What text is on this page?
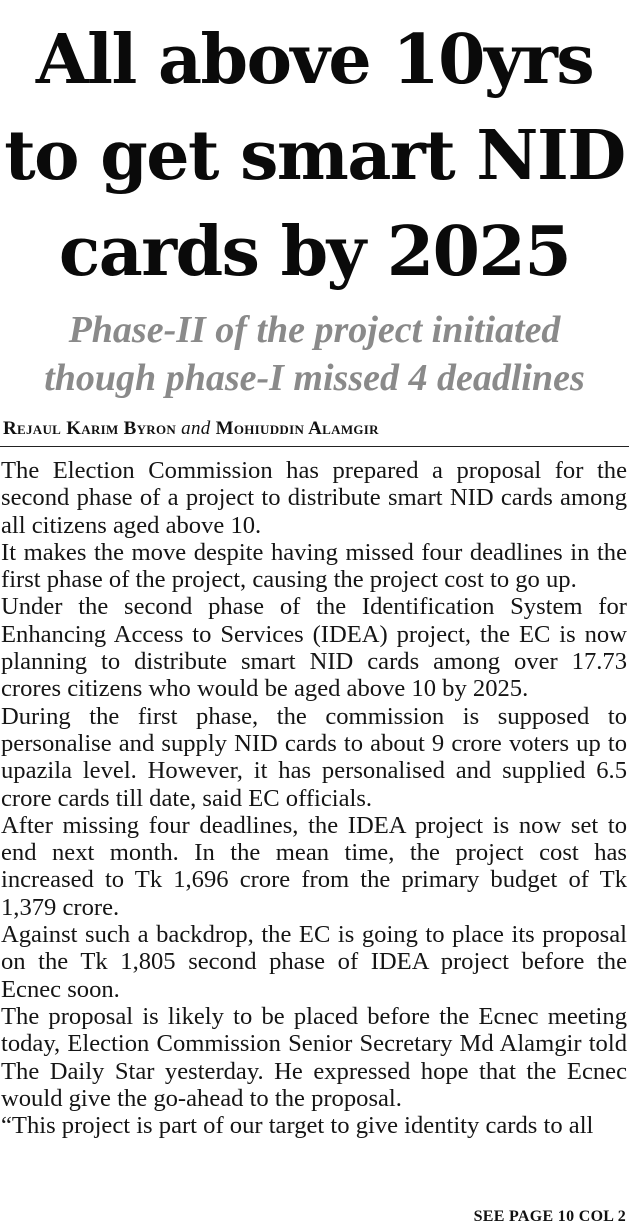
All above 10yrs
to get smart NID
cards by 2025
Phase-II of the project initiated
though phase-I missed 4 deadlines
Rejaul Karim Byron and Mohiuddin Alamgir

The Election Commission has prepared a proposal for the second phase of a project to distribute smart NID cards among all citizens aged above 10.

It makes the move despite having missed four deadlines in the first phase of the project, causing the project cost to go up.

Under the second phase of the Identification System for Enhancing Access to Services (IDEA) project, the EC is now planning to distribute smart NID cards among over 17.73 crores citizens who would be aged above 10 by 2025.

During the first phase, the commission is supposed to personalise and supply NID cards to about 9 crore voters up to upazila level. However, it has personalised and supplied 6.5 crore cards till date, said EC officials.

After missing four deadlines, the IDEA project is now set to end next month. In the mean time, the project cost has increased to Tk 1,696 crore from the primary budget of Tk 1,379 crore.

Against such a backdrop, the EC is going to place its proposal on the Tk 1,805 second phase of IDEA project before the Ecnec soon.

The proposal is likely to be placed before the Ecnec meeting today, Election Commission Senior Secretary Md Alamgir told The Daily Star yesterday. He expressed hope that the Ecnec would give the go-ahead to the proposal.

“This project is part of our target to give identity cards to all

SEE PAGE 10 COL 2
